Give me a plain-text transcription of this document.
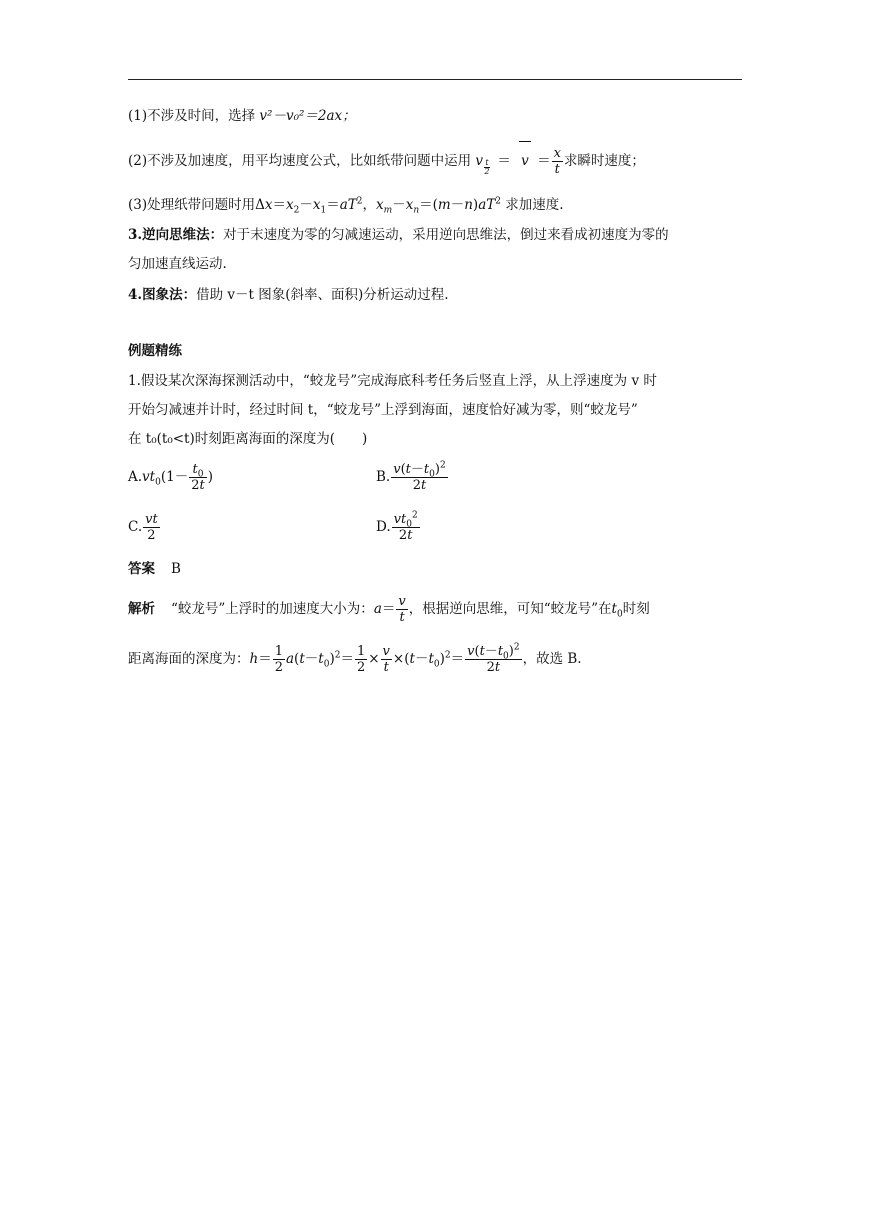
(1)不涉及时间，选择 v²－v₀²＝2ax；
(2)不涉及加速度，用平均速度公式，比如纸带问题中运用 v t
2
＝ $v = \frac{x}{t}$ 求瞬时速度；
(3)处理纸带问题时用$\Delta x=x_2-x_1=aT^2$，$x_m-x_n=(m-n)aT^2$ 求加速度.
3.逆向思维法：对于末速度为零的匀减速运动，采用逆向思维法，倒过来看成初速度为零的
匀加速直线运动.
4.图象法：借助 v－t 图象(斜率、面积)分析运动过程.
例题精练
1.假设某次深海探测活动中，“蛟龙号”完成海底科考任务后竖直上浮，从上浮速度为 v 时
开始匀减速并计时，经过时间 t，“蛟龙号”上浮到海面，速度恰好减为零，则“蛟龙号”
在 t₀(t₀<t)时刻距离海面的深度为(　　)
$A.vt_0(1- \frac{t_0}{2t}$ )	B. $\frac{v(t-t_0)^2}{2t}$
C. $\frac{vt}{2}$	D. $\frac{vt_0^2}{2t}$
答案 B
解析 “蛟龙号”上浮时的加速度大小为：$a= \frac{v}{t}$ ，根据逆向思维，可知“蛟龙号”在$t_0$时刻
距离海面的深度为：$h= \frac{1}{2} a(t-t_0)^2= \frac{1}{2} \times \frac{v}{t} \times(t-t_0)^2= \frac{v(t-t_0)^2}{2t}$ ，故选 B.
